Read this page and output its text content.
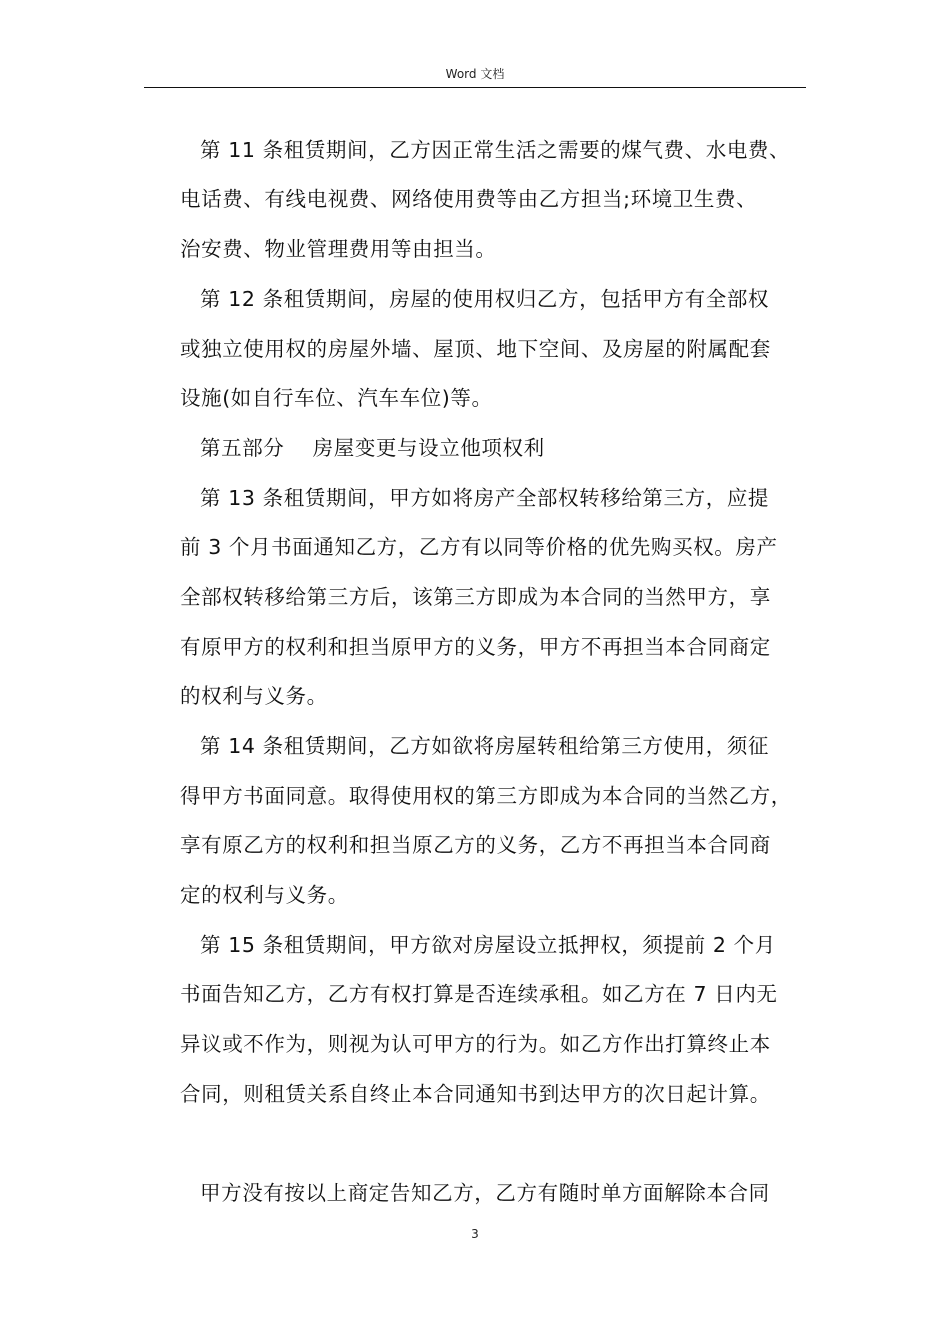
Word 文档
第 11 条租赁期间，乙方因正常生活之需要的煤气费、水电费、
电话费、有线电视费、网络使用费等由乙方担当;环境卫生费、
治安费、物业管理费用等由担当。
第 12 条租赁期间，房屋的使用权归乙方，包括甲方有全部权
或独立使用权的房屋外墙、屋顶、地下空间、及房屋的附属配套
设施(如自行车位、汽车车位)等。
第五部分　 房屋变更与设立他项权利
第 13 条租赁期间，甲方如将房产全部权转移给第三方，应提
前 3 个月书面通知乙方，乙方有以同等价格的优先购买权。房产
全部权转移给第三方后，该第三方即成为本合同的当然甲方，享
有原甲方的权利和担当原甲方的义务，甲方不再担当本合同商定
的权利与义务。
第 14 条租赁期间，乙方如欲将房屋转租给第三方使用，须征
得甲方书面同意。取得使用权的第三方即成为本合同的当然乙方，
享有原乙方的权利和担当原乙方的义务，乙方不再担当本合同商
定的权利与义务。
第 15 条租赁期间，甲方欲对房屋设立抵押权，须提前 2 个月
书面告知乙方，乙方有权打算是否连续承租。如乙方在 7 日内无
异议或不作为，则视为认可甲方的行为。如乙方作出打算终止本
合同，则租赁关系自终止本合同通知书到达甲方的次日起计算。
甲方没有按以上商定告知乙方，乙方有随时单方面解除本合同
3
